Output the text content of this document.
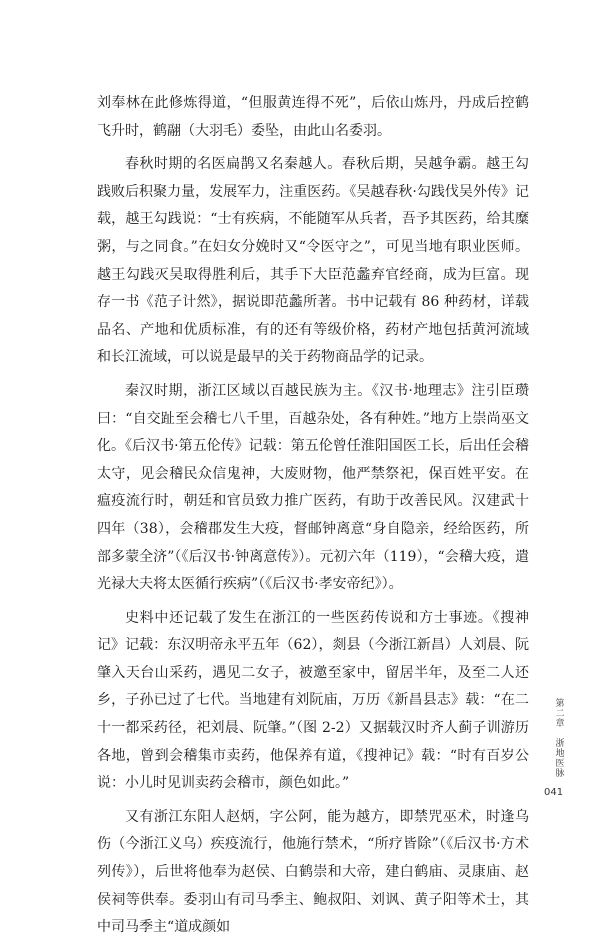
刘奉林在此修炼得道，“但服黄连得不死”，后依山炼丹，丹成后控鹤飞升时，鹤翮（大羽毛）委坠，由此山名委羽。

春秋时期的名医扁鹊又名秦越人。春秋后期，吴越争霸。越王勾践败后积聚力量，发展军力，注重医药。《吴越春秋·勾践伐吴外传》记载，越王勾践说：“士有疾病，不能随军从兵者，吾予其医药，给其糜粥，与之同食。”在妇女分娩时又“令医守之”，可见当地有职业医师。越王勾践灭吴取得胜利后，其手下大臣范蠡弃官经商，成为巨富。现存一书《范子计然》，据说即范蠡所著。书中记载有 86 种药材，详载品名、产地和优质标准，有的还有等级价格，药材产地包括黄河流域和长江流域，可以说是最早的关于药物商品学的记录。

秦汉时期，浙江区域以百越民族为主。《汉书·地理志》注引臣瓒曰：“自交趾至会稽七八千里，百越杂处，各有种姓。”地方上崇尚巫文化。《后汉书·第五伦传》记载：第五伦曾任淮阳国医工长，后出任会稽太守，见会稽民众信鬼神，大废财物，他严禁祭祀，保百姓平安。在瘟疫流行时，朝廷和官员致力推广医药，有助于改善民风。汉建武十四年（38），会稽郡发生大疫，督邮钟离意“身自隐亲，经给医药，所部多蒙全济”（《后汉书·钟离意传》）。元初六年（119），“会稽大疫，遣光禄大夫将太医循行疾病”（《后汉书·孝安帝纪》）。

史料中还记载了发生在浙江的一些医药传说和方士事迹。《搜神记》记载：东汉明帝永平五年（62），剡县（今浙江新昌）人刘晨、阮肇入天台山采药，遇见二女子，被邀至家中，留居半年，及至二人还乡，子孙已过了七代。当地建有刘阮庙，万历《新昌县志》载：“在二十一都采药径，祀刘晨、阮肇。”（图 2-2）又据载汉时齐人蓟子训游历各地，曾到会稽集市卖药，他保养有道，《搜神记》载：“时有百岁公说：小儿时见训卖药会稽市，颜色如此。”

又有浙江东阳人赵炳，字公阿，能为越方，即禁咒巫术，时逢乌伤（今浙江义乌）疾疫流行，他施行禁术，“所疗皆除”（《后汉书·方术列传》），后世将他奉为赵侯、白鹤崇和大帝，建白鹤庙、灵康庙、赵侯祠等供奉。委羽山有司马季主、鲍叔阳、刘讽、黄子阳等术士，其中司马季主“道成颜如

第二章
浙地医脉
041
